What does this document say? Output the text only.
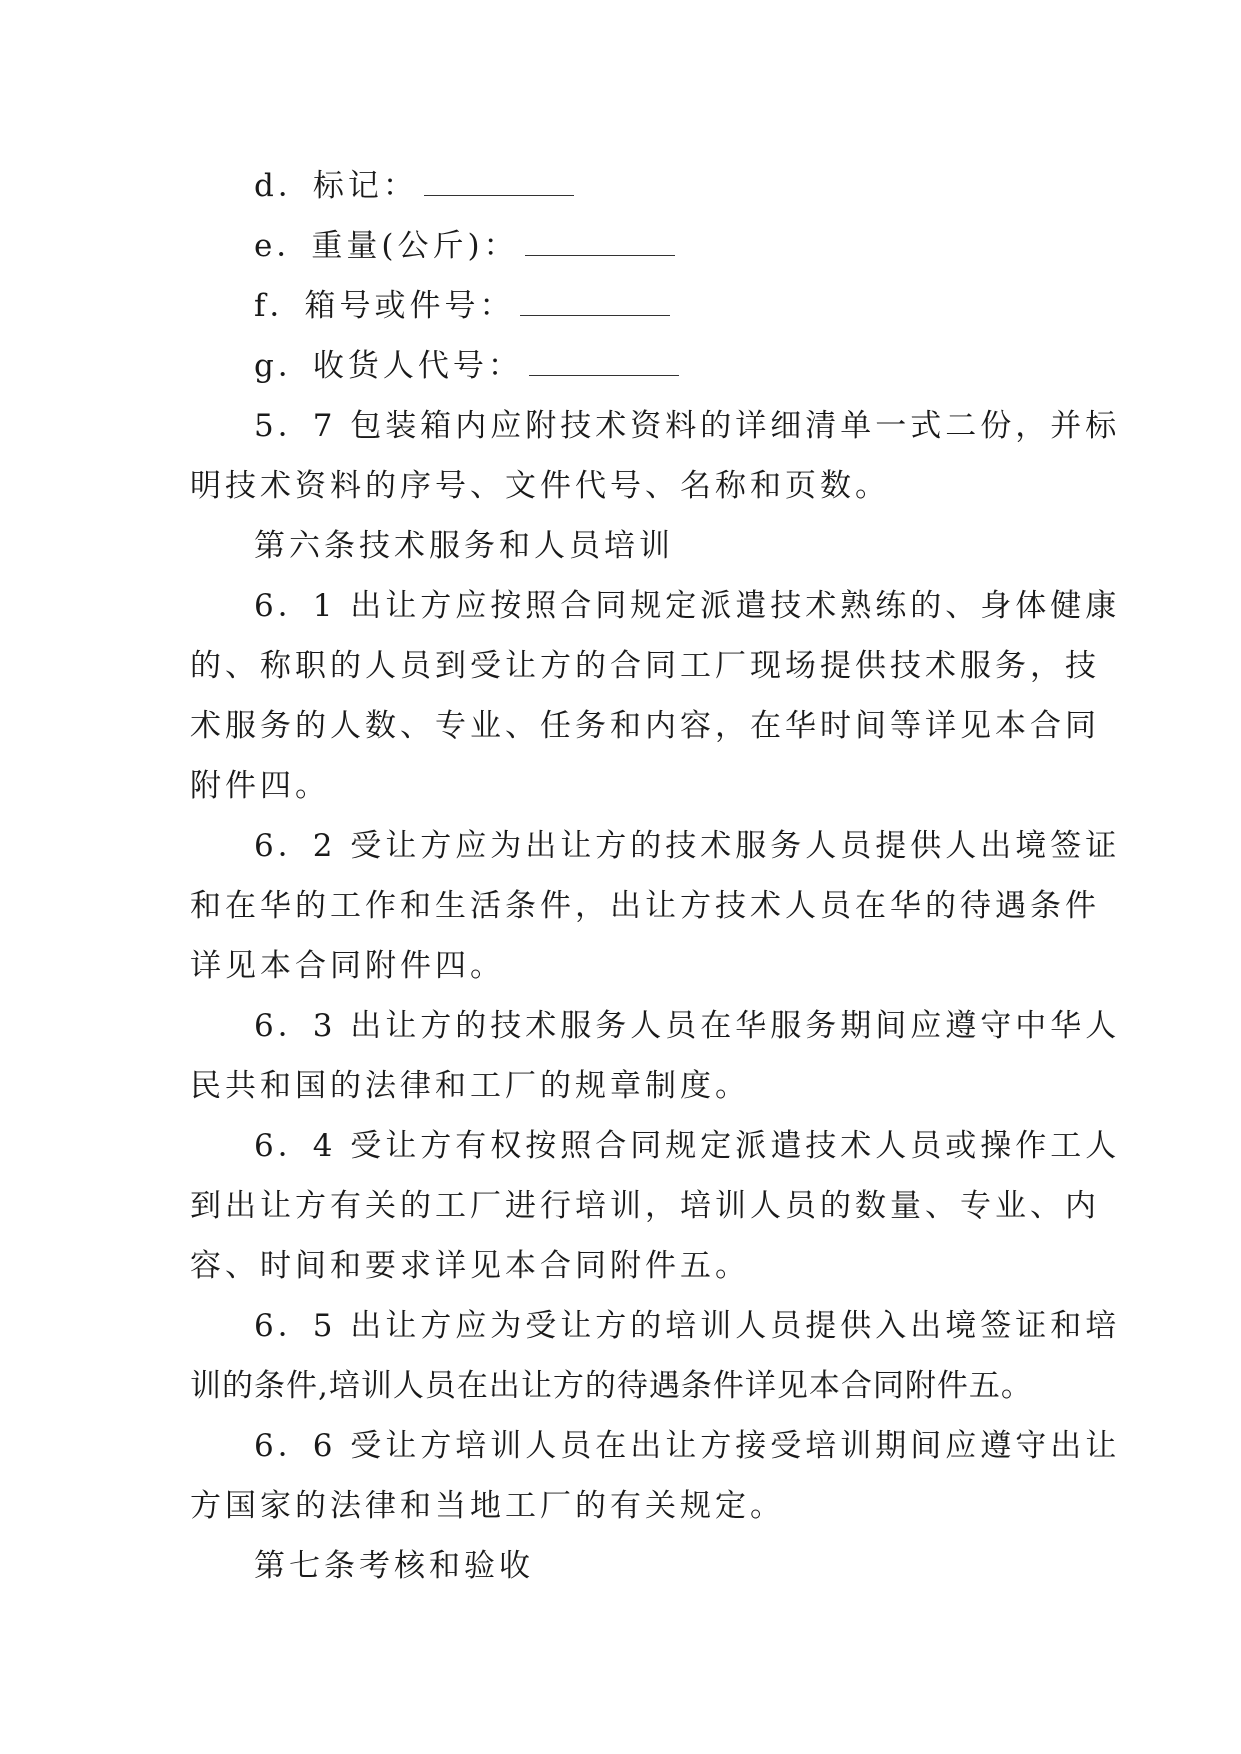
d．标记：
e．重量(公斤)：
f．箱号或件号：
g．收货人代号：
5．7 包装箱内应附技术资料的详细清单一式二份，并标
明技术资料的序号、文件代号、名称和页数。
第六条技术服务和人员培训
6．1 出让方应按照合同规定派遣技术熟练的、身体健康
的、称职的人员到受让方的合同工厂现场提供技术服务，技
术服务的人数、专业、任务和内容，在华时间等详见本合同
附件四。
6．2 受让方应为出让方的技术服务人员提供人出境签证
和在华的工作和生活条件，出让方技术人员在华的待遇条件
详见本合同附件四。
6．3 出让方的技术服务人员在华服务期间应遵守中华人
民共和国的法律和工厂的规章制度。
6．4 受让方有权按照合同规定派遣技术人员或操作工人
到出让方有关的工厂进行培训，培训人员的数量、专业、内
容、时间和要求详见本合同附件五。
6．5 出让方应为受让方的培训人员提供入出境签证和培
训的条件,培训人员在出让方的待遇条件详见本合同附件五。
6．6 受让方培训人员在出让方接受培训期间应遵守出让
方国家的法律和当地工厂的有关规定。
第七条考核和验收
